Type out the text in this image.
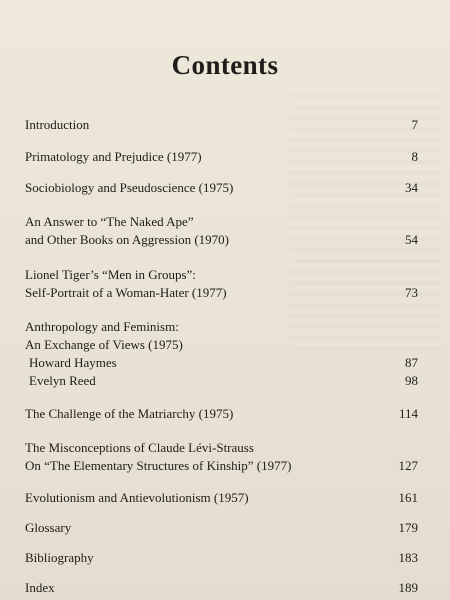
Contents
Introduction	7
Primatology and Prejudice (1977)	8
Sociobiology and Pseudoscience (1975)	34
An Answer to “The Naked Ape”
and Other Books on Aggression (1970)	54
Lionel Tiger’s “Men in Groups”:
Self-Portrait of a Woman-Hater (1977)	73
Anthropology and Feminism:
An Exchange of Views (1975)
Howard Haymes	87
Evelyn Reed	98
The Challenge of the Matriarchy (1975)	114
The Misconceptions of Claude Lévi-Strauss
On “The Elementary Structures of Kinship” (1977)	127
Evolutionism and Antievolutionism (1957)	161
Glossary	179
Bibliography	183
Index	189
